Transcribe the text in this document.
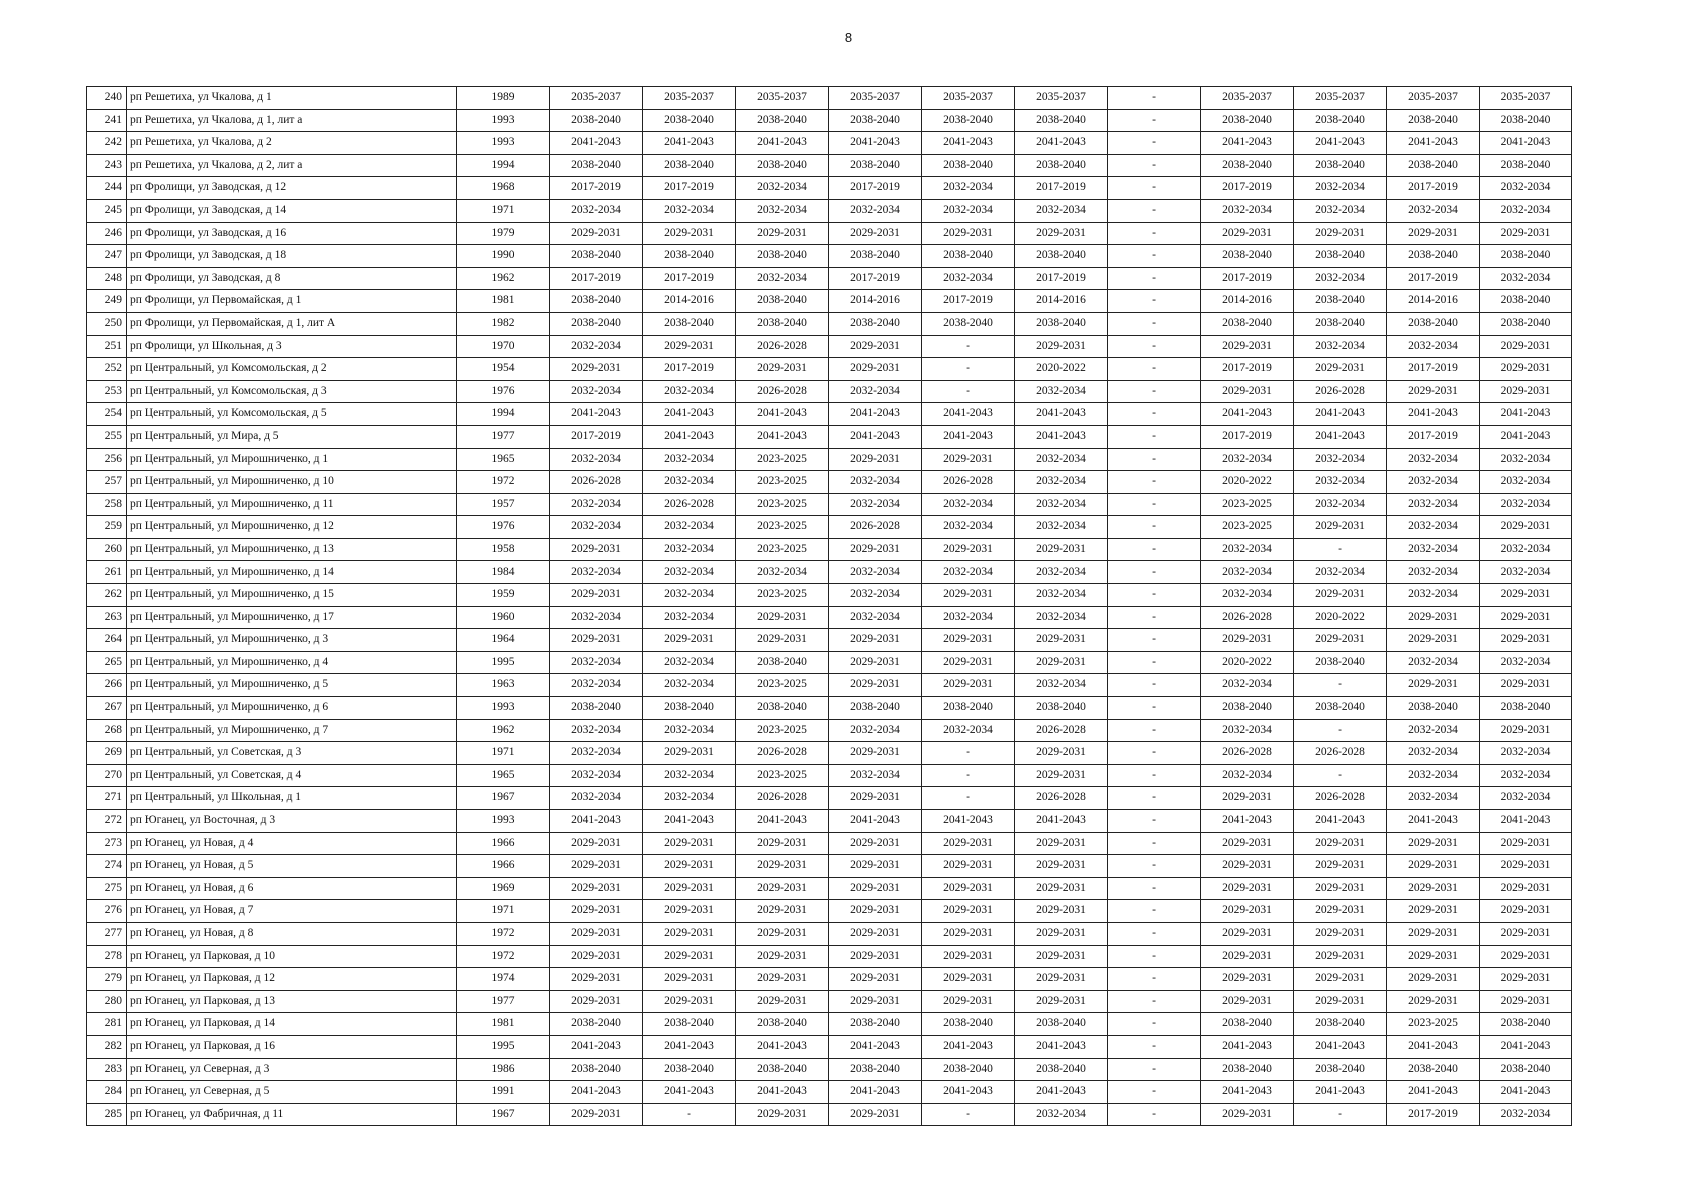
8
240	рп Решетиха, ул Чкалова, д 1	1989	2035-2037	2035-2037	2035-2037	2035-2037	2035-2037	2035-2037	-	2035-2037	2035-2037	2035-2037	2035-2037
241	рп Решетиха, ул Чкалова, д 1, лит а	1993	2038-2040	2038-2040	2038-2040	2038-2040	2038-2040	2038-2040	-	2038-2040	2038-2040	2038-2040	2038-2040
242	рп Решетиха, ул Чкалова, д 2	1993	2041-2043	2041-2043	2041-2043	2041-2043	2041-2043	2041-2043	-	2041-2043	2041-2043	2041-2043	2041-2043
243	рп Решетиха, ул Чкалова, д 2, лит а	1994	2038-2040	2038-2040	2038-2040	2038-2040	2038-2040	2038-2040	-	2038-2040	2038-2040	2038-2040	2038-2040
244	рп Фролищи, ул Заводская, д 12	1968	2017-2019	2017-2019	2032-2034	2017-2019	2032-2034	2017-2019	-	2017-2019	2032-2034	2017-2019	2032-2034
245	рп Фролищи, ул Заводская, д 14	1971	2032-2034	2032-2034	2032-2034	2032-2034	2032-2034	2032-2034	-	2032-2034	2032-2034	2032-2034	2032-2034
246	рп Фролищи, ул Заводская, д 16	1979	2029-2031	2029-2031	2029-2031	2029-2031	2029-2031	2029-2031	-	2029-2031	2029-2031	2029-2031	2029-2031
247	рп Фролищи, ул Заводская, д 18	1990	2038-2040	2038-2040	2038-2040	2038-2040	2038-2040	2038-2040	-	2038-2040	2038-2040	2038-2040	2038-2040
248	рп Фролищи, ул Заводская, д 8	1962	2017-2019	2017-2019	2032-2034	2017-2019	2032-2034	2017-2019	-	2017-2019	2032-2034	2017-2019	2032-2034
249	рп Фролищи, ул Первомайская, д 1	1981	2038-2040	2014-2016	2038-2040	2014-2016	2017-2019	2014-2016	-	2014-2016	2038-2040	2014-2016	2038-2040
250	рп Фролищи, ул Первомайская, д 1, лит А	1982	2038-2040	2038-2040	2038-2040	2038-2040	2038-2040	2038-2040	-	2038-2040	2038-2040	2038-2040	2038-2040
251	рп Фролищи, ул Школьная, д 3	1970	2032-2034	2029-2031	2026-2028	2029-2031	-	2029-2031	-	2029-2031	2032-2034	2032-2034	2029-2031
252	рп Центральный, ул Комсомольская, д 2	1954	2029-2031	2017-2019	2029-2031	2029-2031	-	2020-2022	-	2017-2019	2029-2031	2017-2019	2029-2031
253	рп Центральный, ул Комсомольская, д 3	1976	2032-2034	2032-2034	2026-2028	2032-2034	-	2032-2034	-	2029-2031	2026-2028	2029-2031	2029-2031
254	рп Центральный, ул Комсомольская, д 5	1994	2041-2043	2041-2043	2041-2043	2041-2043	2041-2043	2041-2043	-	2041-2043	2041-2043	2041-2043	2041-2043
255	рп Центральный, ул Мира, д 5	1977	2017-2019	2041-2043	2041-2043	2041-2043	2041-2043	2041-2043	-	2017-2019	2041-2043	2017-2019	2041-2043
256	рп Центральный, ул Мирошниченко, д 1	1965	2032-2034	2032-2034	2023-2025	2029-2031	2029-2031	2032-2034	-	2032-2034	2032-2034	2032-2034	2032-2034
257	рп Центральный, ул Мирошниченко, д 10	1972	2026-2028	2032-2034	2023-2025	2032-2034	2026-2028	2032-2034	-	2020-2022	2032-2034	2032-2034	2032-2034
258	рп Центральный, ул Мирошниченко, д 11	1957	2032-2034	2026-2028	2023-2025	2032-2034	2032-2034	2032-2034	-	2023-2025	2032-2034	2032-2034	2032-2034
259	рп Центральный, ул Мирошниченко, д 12	1976	2032-2034	2032-2034	2023-2025	2026-2028	2032-2034	2032-2034	-	2023-2025	2029-2031	2032-2034	2029-2031
260	рп Центральный, ул Мирошниченко, д 13	1958	2029-2031	2032-2034	2023-2025	2029-2031	2029-2031	2029-2031	-	2032-2034	-	2032-2034	2032-2034
261	рп Центральный, ул Мирошниченко, д 14	1984	2032-2034	2032-2034	2032-2034	2032-2034	2032-2034	2032-2034	-	2032-2034	2032-2034	2032-2034	2032-2034
262	рп Центральный, ул Мирошниченко, д 15	1959	2029-2031	2032-2034	2023-2025	2032-2034	2029-2031	2032-2034	-	2032-2034	2029-2031	2032-2034	2029-2031
263	рп Центральный, ул Мирошниченко, д 17	1960	2032-2034	2032-2034	2029-2031	2032-2034	2032-2034	2032-2034	-	2026-2028	2020-2022	2029-2031	2029-2031
264	рп Центральный, ул Мирошниченко, д 3	1964	2029-2031	2029-2031	2029-2031	2029-2031	2029-2031	2029-2031	-	2029-2031	2029-2031	2029-2031	2029-2031
265	рп Центральный, ул Мирошниченко, д 4	1995	2032-2034	2032-2034	2038-2040	2029-2031	2029-2031	2029-2031	-	2020-2022	2038-2040	2032-2034	2032-2034
266	рп Центральный, ул Мирошниченко, д 5	1963	2032-2034	2032-2034	2023-2025	2029-2031	2029-2031	2032-2034	-	2032-2034	-	2029-2031	2029-2031
267	рп Центральный, ул Мирошниченко, д 6	1993	2038-2040	2038-2040	2038-2040	2038-2040	2038-2040	2038-2040	-	2038-2040	2038-2040	2038-2040	2038-2040
268	рп Центральный, ул Мирошниченко, д 7	1962	2032-2034	2032-2034	2023-2025	2032-2034	2032-2034	2026-2028	-	2032-2034	-	2032-2034	2029-2031
269	рп Центральный, ул Советская, д 3	1971	2032-2034	2029-2031	2026-2028	2029-2031	-	2029-2031	-	2026-2028	2026-2028	2032-2034	2032-2034
270	рп Центральный, ул Советская, д 4	1965	2032-2034	2032-2034	2023-2025	2032-2034	-	2029-2031	-	2032-2034	-	2032-2034	2032-2034
271	рп Центральный, ул Школьная, д 1	1967	2032-2034	2032-2034	2026-2028	2029-2031	-	2026-2028	-	2029-2031	2026-2028	2032-2034	2032-2034
272	рп Юганец, ул Восточная, д 3	1993	2041-2043	2041-2043	2041-2043	2041-2043	2041-2043	2041-2043	-	2041-2043	2041-2043	2041-2043	2041-2043
273	рп Юганец, ул Новая, д 4	1966	2029-2031	2029-2031	2029-2031	2029-2031	2029-2031	2029-2031	-	2029-2031	2029-2031	2029-2031	2029-2031
274	рп Юганец, ул Новая, д 5	1966	2029-2031	2029-2031	2029-2031	2029-2031	2029-2031	2029-2031	-	2029-2031	2029-2031	2029-2031	2029-2031
275	рп Юганец, ул Новая, д 6	1969	2029-2031	2029-2031	2029-2031	2029-2031	2029-2031	2029-2031	-	2029-2031	2029-2031	2029-2031	2029-2031
276	рп Юганец, ул Новая, д 7	1971	2029-2031	2029-2031	2029-2031	2029-2031	2029-2031	2029-2031	-	2029-2031	2029-2031	2029-2031	2029-2031
277	рп Юганец, ул Новая, д 8	1972	2029-2031	2029-2031	2029-2031	2029-2031	2029-2031	2029-2031	-	2029-2031	2029-2031	2029-2031	2029-2031
278	рп Юганец, ул Парковая, д 10	1972	2029-2031	2029-2031	2029-2031	2029-2031	2029-2031	2029-2031	-	2029-2031	2029-2031	2029-2031	2029-2031
279	рп Юганец, ул Парковая, д 12	1974	2029-2031	2029-2031	2029-2031	2029-2031	2029-2031	2029-2031	-	2029-2031	2029-2031	2029-2031	2029-2031
280	рп Юганец, ул Парковая, д 13	1977	2029-2031	2029-2031	2029-2031	2029-2031	2029-2031	2029-2031	-	2029-2031	2029-2031	2029-2031	2029-2031
281	рп Юганец, ул Парковая, д 14	1981	2038-2040	2038-2040	2038-2040	2038-2040	2038-2040	2038-2040	-	2038-2040	2038-2040	2023-2025	2038-2040
282	рп Юганец, ул Парковая, д 16	1995	2041-2043	2041-2043	2041-2043	2041-2043	2041-2043	2041-2043	-	2041-2043	2041-2043	2041-2043	2041-2043
283	рп Юганец, ул Северная, д 3	1986	2038-2040	2038-2040	2038-2040	2038-2040	2038-2040	2038-2040	-	2038-2040	2038-2040	2038-2040	2038-2040
284	рп Юганец, ул Северная, д 5	1991	2041-2043	2041-2043	2041-2043	2041-2043	2041-2043	2041-2043	-	2041-2043	2041-2043	2041-2043	2041-2043
285	рп Юганец, ул Фабричная, д 11	1967	2029-2031	-	2029-2031	2029-2031	-	2032-2034	-	2029-2031	-	2017-2019	2032-2034
